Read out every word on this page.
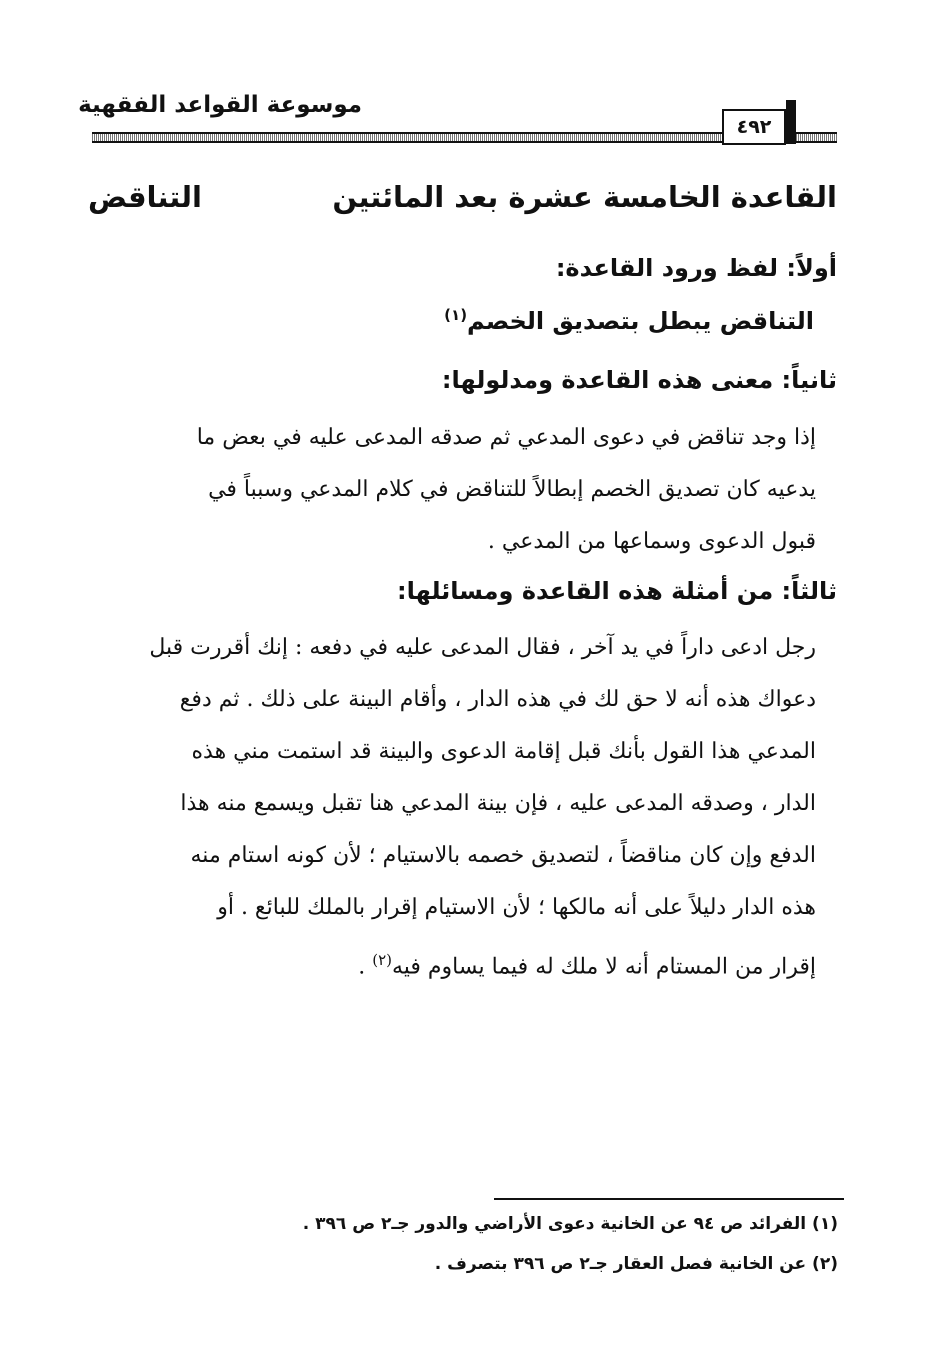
موسوعة القواعد الفقهية
٤٩٢
القاعدة الخامسة عشرة بعد المائتين
التناقض
أولاً: لفظ ورود القاعدة:
التناقض يبطل بتصديق الخصم$^{(١)}$
ثانياً: معنى هذه القاعدة ومدلولها:
إذا وجد تناقض في دعوى المدعي ثم صدقه المدعى عليه في بعض ما
يدعيه كان تصديق الخصم إبطالاً للتناقض في كلام المدعي وسبباً في
قبول الدعوى وسماعها من المدعي .
ثالثاً: من أمثلة هذه القاعدة ومسائلها:
رجل ادعى داراً في يد آخر ، فقال المدعى عليه في دفعه : إنك أقررت قبل
دعواك هذه أنه لا حق لك في هذه الدار ، وأقام البينة على ذلك . ثم دفع
المدعي هذا القول بأنك قبل إقامة الدعوى والبينة قد استمت مني هذه
الدار ، وصدقه المدعى عليه ، فإن بينة المدعي هنا تقبل ويسمع منه هذا
الدفع وإن كان مناقضاً ، لتصديق خصمه بالاستيام ؛ لأن كونه استام منه
هذه الدار دليلاً على أنه مالكها ؛ لأن الاستيام إقرار بالملك للبائع . أو
إقرار من المستام أنه لا ملك له فيما يساوم فيه$^{(٢)}$ .
(١) الفرائد ص ٩٤ عن الخانية دعوى الأراضي والدور جـ٢ ص ٣٩٦ .
(٢) عن الخانية فصل العقار جـ٢ ص ٣٩٦ بتصرف .
